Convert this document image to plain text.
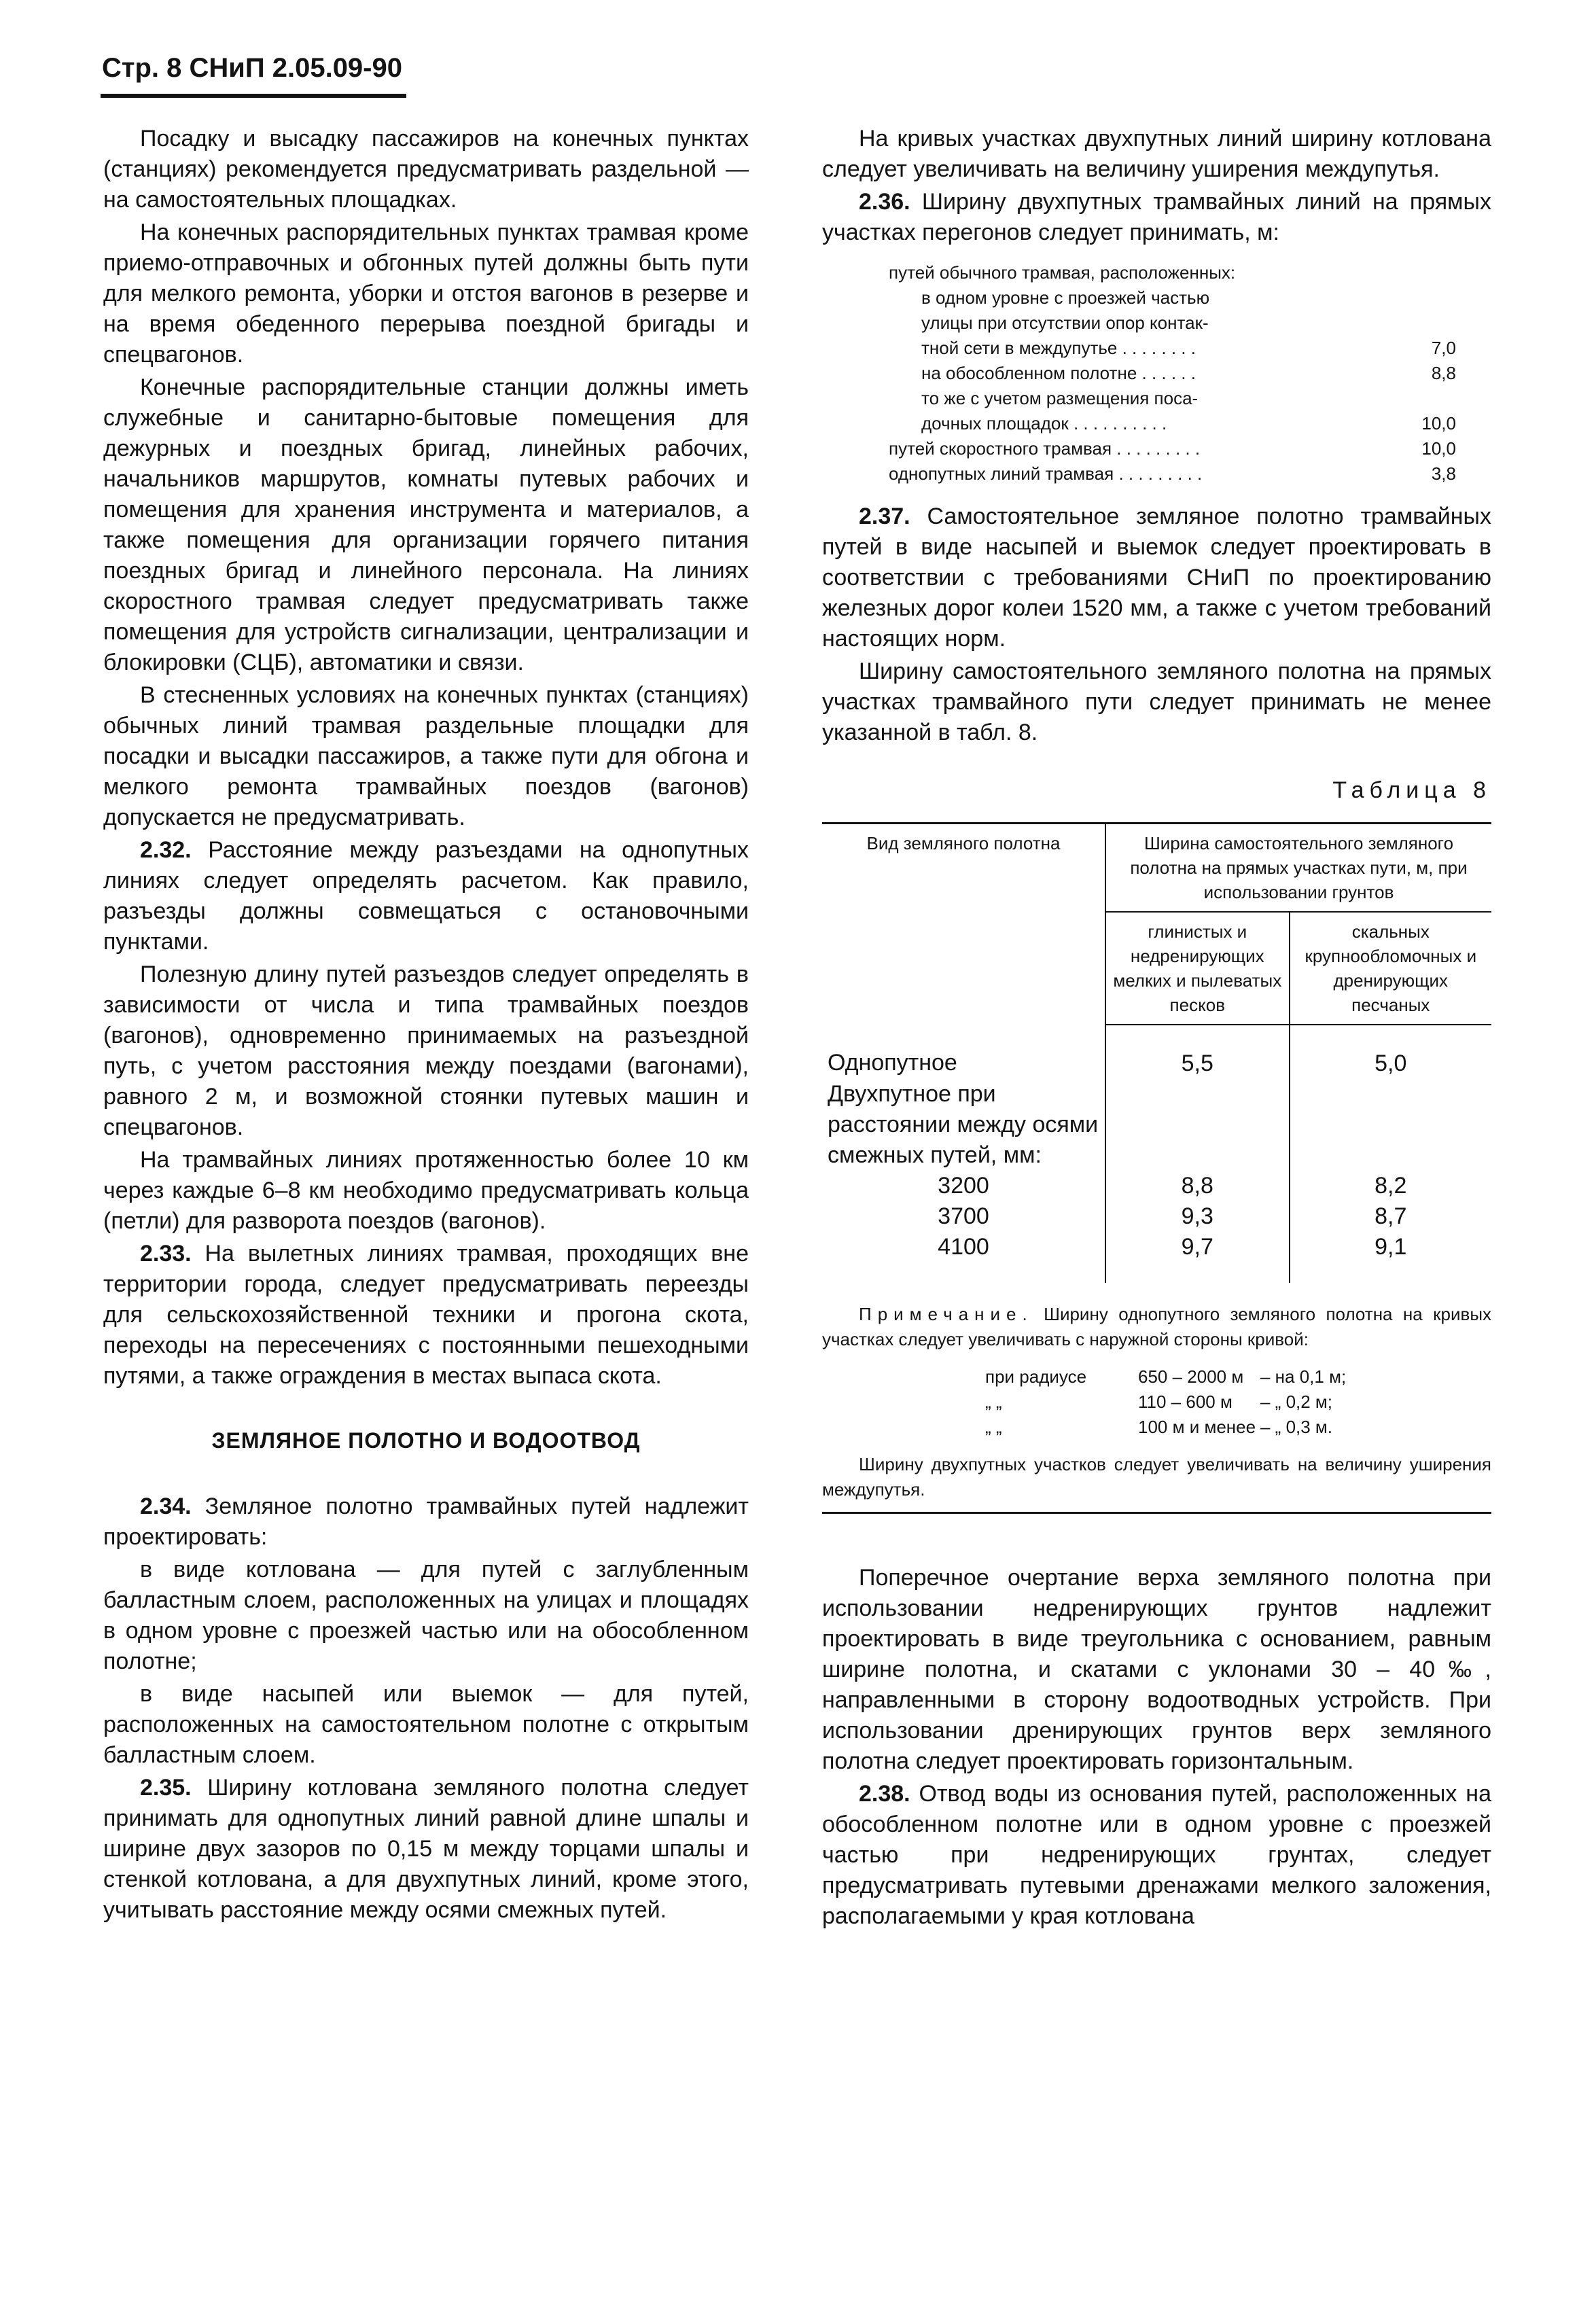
Стр. 8 СНиП 2.05.09-90

Посадку и высадку пассажиров на конечных пунктах (станциях) рекомендуется предусматривать раздельной — на самостоятельных площадках.

На конечных распорядительных пунктах трамвая кроме приемо-отправочных и обгонных путей должны быть пути для мелкого ремонта, уборки и отстоя вагонов в резерве и на время обеденного перерыва поездной бригады и спецвагонов.

Конечные распорядительные станции должны иметь служебные и санитарно-бытовые помещения для дежурных и поездных бригад, линейных рабочих, начальников маршрутов, комнаты путевых рабочих и помещения для хранения инструмента и материалов, а также помещения для организации горячего питания поездных бригад и линейного персонала. На линиях скоростного трамвая следует предусматривать также помещения для устройств сигнализации, централизации и блокировки (СЦБ), автоматики и связи.

В стесненных условиях на конечных пунктах (станциях) обычных линий трамвая раздельные площадки для посадки и высадки пассажиров, а также пути для обгона и мелкого ремонта трамвайных поездов (вагонов) допускается не предусматривать.

2.32. Расстояние между разъездами на однопутных линиях следует определять расчетом. Как правило, разъезды должны совмещаться с остановочными пунктами.

Полезную длину путей разъездов следует определять в зависимости от числа и типа трамвайных поездов (вагонов), одновременно принимаемых на разъездной путь, с учетом расстояния между поездами (вагонами), равного 2 м, и возможной стоянки путевых машин и спецвагонов.

На трамвайных линиях протяженностью более 10 км через каждые 6–8 км необходимо предусматривать кольца (петли) для разворота поездов (вагонов).

2.33. На вылетных линиях трамвая, проходящих вне территории города, следует предусматривать переезды для сельскохозяйственной техники и прогона скота, переходы на пересечениях с постоянными пешеходными путями, а также ограждения в местах выпаса скота.

ЗЕМЛЯНОЕ ПОЛОТНО И ВОДООТВОД

2.34. Земляное полотно трамвайных путей надлежит проектировать:

в виде котлована — для путей с заглубленным балластным слоем, расположенных на улицах и площадях в одном уровне с проезжей частью или на обособленном полотне;

в виде насыпей или выемок — для путей, расположенных на самостоятельном полотне с открытым балластным слоем.

2.35. Ширину котлована земляного полотна следует принимать для однопутных линий равной длине шпалы и ширине двух зазоров по 0,15 м между торцами шпалы и стенкой котлована, а для двухпутных линий, кроме этого, учитывать расстояние между осями смежных путей.

На кривых участках двухпутных линий ширину котлована следует увеличивать на величину уширения междупутья.

2.36. Ширину двухпутных трамвайных линий на прямых участках перегонов следует принимать, м:

путей обычного трамвая, расположенных:
в одном уровне с проезжей частью
улицы при отсутствии опор контак-
тной сети в междупутье . . . . . . . .	7,0
на обособленном полотне . . . . . .	8,8
то же с учетом размещения поса-
дочных площадок . . . . . . . . . .	10,0
путей скоростного трамвая . . . . . . . . .	10,0
однопутных линий трамвая . . . . . . . . .	3,8

2.37. Самостоятельное земляное полотно трамвайных путей в виде насыпей и выемок следует проектировать в соответствии с требованиями СНиП по проектированию железных дорог колеи 1520 мм, а также с учетом требований настоящих норм.

Ширину самостоятельного земляного полотна на прямых участках трамвайного пути следует принимать не менее указанной в табл. 8.

Таблица 8
Вид земляного полотна	Ширина самостоятельного земляного полотна на прямых участках пути, м, при использовании грунтов	
	глинистых и недренирующих мелких и пылеватых песков	скальных крупнообломочных и дренирующих песчаных
Однопутное	5,5	5,0
Двухпутное при расстоянии между осями смежных путей, мм:		
3200	8,8	8,2
3700	9,3	8,7
4100	9,7	9,1
Примечание. Ширину однопутного земляного полотна на кривых участках следует увеличивать с наружной стороны кривой:
при радиусе	650 – 2000 м – на 0,1 м;
„ „	110 – 600 м	– „ 0,2 м;
„ „	100 м и менее – „ 0,3 м.
Ширину двухпутных участков следует увеличивать на величину уширения междупутья.

Поперечное очертание верха земляного полотна при использовании недренирующих грунтов надлежит проектировать в виде треугольника с основанием, равным ширине полотна, и скатами с уклонами 30 – 40‰, направленными в сторону водоотводных устройств. При использовании дренирующих грунтов верх земляного полотна следует проектировать горизонтальным.

2.38. Отвод воды из основания путей, расположенных на обособленном полотне или в одном уровне с проезжей частью при недренирующих грунтах, следует предусматривать путевыми дренажами мелкого заложения, располагаемыми у края котлована
